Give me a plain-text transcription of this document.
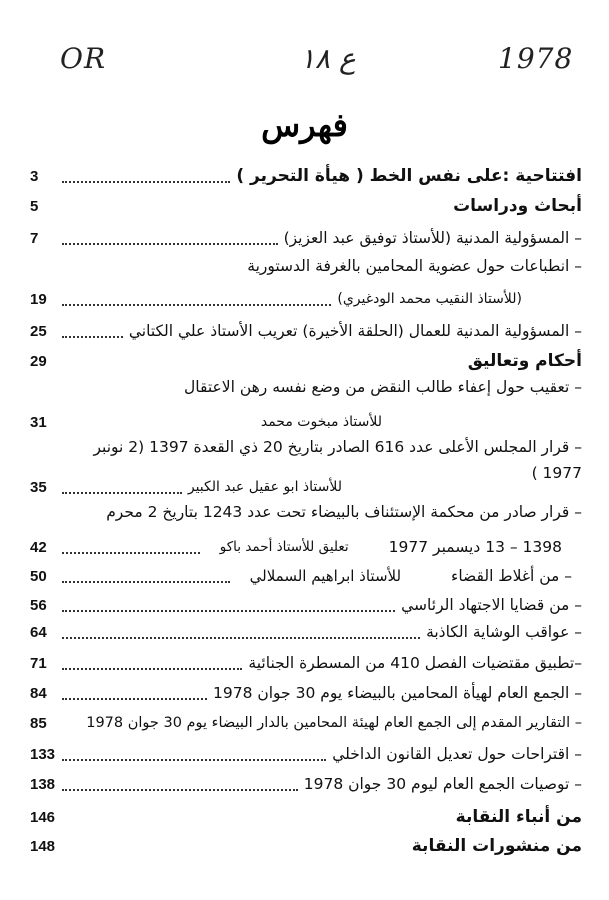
OR	ع ١٨	1978
فهرس
افتتاحية :على نفس الخط ( هيأة التحرير )
3
أبحاث ودراسات
5
– المسؤولية المدنية (للأستاذ توفيق عبد العزيز)
7
– انطباعات حول عضوية المحامين بالغرفة الدستورية
(للأستاذ النقيب محمد الودغيري)
19
– المسؤولية المدنية للعمال (الحلقة الأخيرة) تعريب الأستاذ علي الكتاني
25
أحكام وتعاليق
29
– تعقيب حول إعفاء طالب النقض من وضع نفسه رهن الاعتقال
للأستاذ مبخوت محمد
31
– قرار المجلس الأعلى عدد 616 الصادر بتاريخ 20 ذي القعدة 1397 (2 نونبر
1977 )
للأستاذ ابو عقيل عبد الكبير
35
– قرار صادر من محكمة الإستئناف بالبيضاء تحت عدد 1243 بتاريخ 2 محرم
1398 – 13 ديسمبر 1977
تعليق للأستاذ أحمد باكو
42
– من أغلاط القضاء
للأستاذ ابراهيم السملالي
50
– من قضايا الاجتهاد الرئاسي
56
– عواقب الوشاية الكاذبة
64
–تطبيق مقتضيات الفصل 410 من المسطرة الجنائية
71
– الجمع العام لهيأة المحامين بالبيضاء يوم 30 جوان 1978
84
– التقارير المقدم إلى الجمع العام لهيئة المحامين بالدار البيضاء يوم 30 جوان 1978
85
– اقتراحات حول تعديل القانون الداخلي
133
– توصيات الجمع العام ليوم 30 جوان 1978
138
من أنباء النقابة
146
من منشورات النقابة
148
